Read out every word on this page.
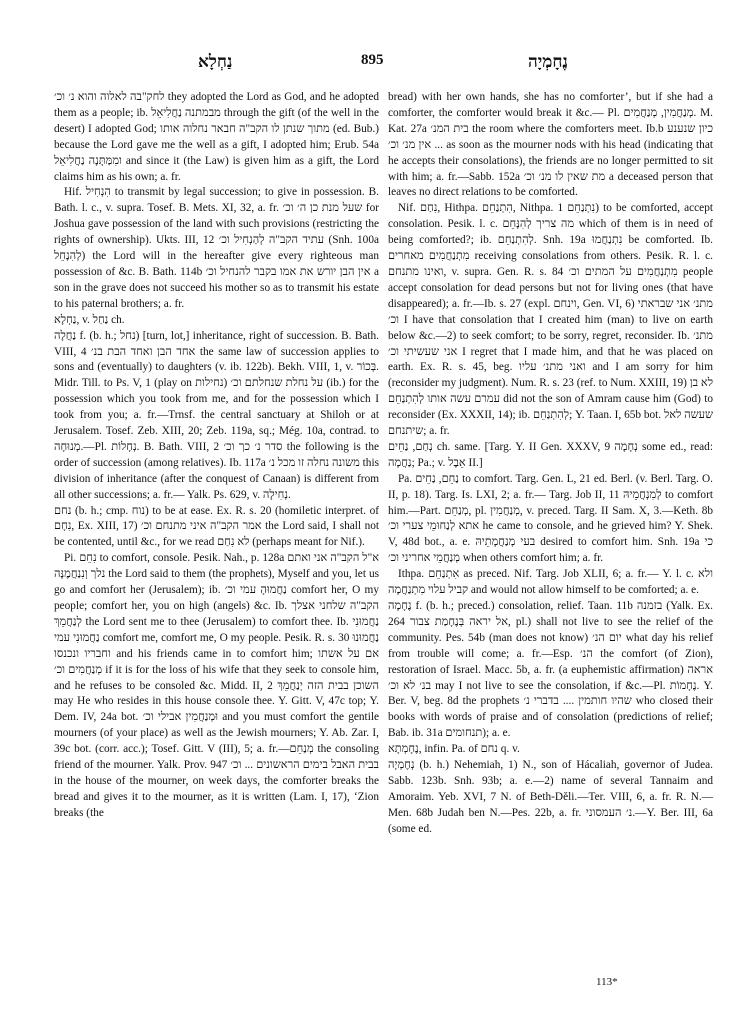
נַחְלָא	895	נֶחָמְיָה

לחק"בה לאלוה והוא נ׳ וכ׳ they adopted the Lord as God, and he adopted them as a people; ib. מבמתנה נַחֲלִיאֵל through the gift (of the well in the desert) I adopted God; מתוך שנתן לו הקב"ה חבאר נחלוה אותו (ed. Bub.) because the Lord gave me the well as a gift, I adopted him; Erub. 54a ומִמַּתָּנָה נַחֲלִיאֵל and since it (the Law) is given him as a gift, the Lord claims him as his own; a. fr.

Hif. הִנְחִיל to transmit by legal succession; to give in possession. B. Bath. l. c., v. supra. Tosef. B. Mets. XI, 32, a. fr. שעל מנת כן ה׳ וכ׳ for Joshua gave possession of the land with such provisions (restricting the rights of ownership). Ukts. III, 12 עתיד הקב"ה לְהַנְחִיל וכ׳ (Snh. 100a לְהִנָחֵל) the Lord will in the hereafter give every righteous man possession of &c. B. Bath. 114b אין הבן יורש את אמו בקבר להנחיל וכ׳ a son in the grave does not succeed his mother so as to transmit his estate to his paternal brothers; a. fr.

נַחְלָא, v. נַחַל ch.

נַחֲלָה f. (b. h.; נחל) [turn, lot,] inheritance, right of succession. B. Bath. VIII, 4 אחד הבן ואחד הבת בנ׳ the same law of succession applies to sons and (eventually) to daughters (v. ib. 122b). Bekh. VIII, 1, v. בְּכוֹר. Midr. Till. to Ps. V, 1 (play on נחילות) על נחלת שנחלתם וכ׳ (ib.) for the possession which you took from me, and for the possession which I took from you; a. fr.—Trnsf. the central sanctuary at Shiloh or at Jerusalem. Tosef. Zeb. XIII, 20; Zeb. 119a, sq.; Még. 10a, contrad. to מְנוּחָה.—Pl. נְחָלוֹת. B. Bath. VIII, 2 סדר נ׳ כך וכ׳ the following is the order of succession (among relatives). Ib. 117a משונה נחלה זו מכל נ׳ this division of inheritance (after the conquest of Canaan) is different from all other successions; a. fr.— Yalk. Ps. 629, v. נְחִילָה.

נחם (b. h.; cmp. נוח) to be at ease. Ex. R. s. 20 (homiletic interpret. of נִחָם, Ex. XIII, 17) אמר הקב"ה איני מתנחם וכ׳ the Lord said, I shall not be contented, until &c., for we read לא נִחַם (perhaps meant for Nif.).

Pi. נִחֵם to comfort, console. Pesik. Nah., p. 128a א"ל הקב"ה אני ואתם נלך וְנִנַחֲמֶנָּה the Lord said to them (the prophets), Myself and you, let us go and comfort her (Jerusalem); ib. נַחֲמוּהָ עמי וכ׳ comfort her, O my people; comfort her, you on high (angels) &c. Ib. הקב"ה שלחני אצלך לְנַחֲמֵךְ the Lord sent me to thee (Jerusalem) to comfort thee. Ib. נַחֲמוּנִי נַחֲמוּנִי עמי comfort me, comfort me, O my people. Pesik. R. s. 30 נַחֲמוּנוּ וחבריו ונכנסו and his friends came in to comfort him; אם על אשתו מְנַחֲמִים וכ׳ if it is for the loss of his wife that they seek to console him, and he refuses to be consoled &c. Midd. II, 2 השוכן בבית הזה יְנַחֲמֵךְ may He who resides in this house console thee. Y. Gitt. V, 47c top; Y. Dem. IV, 24a bot. וּמְנַחֲמִין אבילי וכ׳ and you must comfort the gentile mourners (of your place) as well as the Jewish mourners; Y. Ab. Zar. I, 39c bot. (corr. acc.); Tosef. Gitt. V (III), 5; a. fr.—מְנַחֵם the consoling friend of the mourner. Yalk. Prov. 947 בבית האבל בימים הראשונים ... וכ׳ in the house of the mourner, on week days, the comforter breaks the bread and gives it to the mourner, as it is written (Lam. I, 17), ‘Zion breaks (the

bread) with her own hands, she has no comforter’, but if she had a comforter, the comforter would break it &c.— Pl. מְנַחֲמִין, מְנַחֲמִים. M. Kat. 27a בית המנ׳ the room where the comforters meet. Ib.b כיון שנענע ... אין מנ׳ וכ׳ as soon as the mourner nods with his head (indicating that he accepts their consolations), the friends are no longer permitted to sit with him; a. fr.—Sabb. 152a מת שאין לו מנ׳ וכ׳ a deceased person that leaves no direct relations to be comforted.

Nif. נִחַם, Hithpa. הִתְנַחֵם, Nithpa. נִתְנַחֵם 1) to be comforted, accept consolation. Pesik. l. c. מה צריך לְהִנָּחֵם which of them is in need of being comforted?; ib. לְהִתְנַחֵם. Snh. 19a נִתְנַחֲמוּ be comforted. Ib. מִתְנַחֲמִים מאחרים receiving consolations from others. Pesik. R. l. c. ואינו מתנחם, v. supra. Gen. R. s. 84 מִתְנַחֲמִים על המתים וכ׳ people accept consolation for dead persons but not for living ones (that have disappeared); a. fr.—Ib. s. 27 (expl. וינחם, Gen. VI, 6) מתנ׳ אני שבראתי וכ׳ I have that consolation that I created him (man) to live on earth below &c.—2) to seek comfort; to be sorry, regret, reconsider. Ib. מתנ׳ אני שעשיתי וכ׳ I regret that I made him, and that he was placed on earth. Ex. R. s. 45, beg. ואני מתנ׳ עליו and I am sorry for him (reconsider my judgment). Num. R. s. 23 (ref. to Num. XXIII, 19) לא בן עמרם עשה אותו לְהִתְנַחֵם did not the son of Amram cause him (God) to reconsider (Ex. XXXII, 14); ib. לְהִתְנַחֵם; Y. Taan. I, 65b bot. שעשה לאל שיתנחם; a. fr.

נְחַם, נַחֵים ch. same. [Targ. Y. II Gen. XXXV, 9 נְחָמָה some ed., read: נַחֲמָה; Pa.; v. אֵבֶל II.]

Pa. נַחֵם, נַחֵים to comfort. Targ. Gen. L, 21 ed. Berl. (v. Berl. Targ. O. II, p. 18). Targ. Is. LXI, 2; a. fr.— Targ. Job II, 11 לְמִנְחֲמֵיהּ to comfort him.—Part. מְנַחֵם, pl. מְנַחֲמִין, v. preced. Targ. II Sam. X, 3.—Keth. 8b אתא לְנַחוּמֵי צערי וכ׳ he came to console, and he grieved him? Y. Shek. V, 48d bot., a. e. בעי מְנַחֲמָתֵיהּ desired to comfort him. Snh. 19a כי מְנַחֲמֵי אחריני וכ׳ when others comfort him; a. fr.

Ithpa. אִתְנַחֵם as preced. Nif. Targ. Job XLII, 6; a. fr.— Y. l. c. ולא קביל עלוי מִתְנַחֲמָה and would not allow himself to be comforted; a. e.

נֶחָמָה f. (b. h.; preced.) consolation, relief. Taan. 11b בזמנה (Yalk. Ex. 264 אל יראה בְּנֶחָמַת צבור, pl.) shall not live to see the relief of the community. Pes. 54b (man does not know) יום הנ׳ what day his relief from trouble will come; a. fr.—Esp. הנ׳ the comfort (of Zion), restoration of Israel. Macc. 5b, a. fr. (a euphemistic affirmation) אראה בנ׳ לא וכ׳ may I not live to see the consolation, if &c.—Pl. נֶחָמוֹת. Y. Ber. V, beg. 8d the prophets שהיו חותמין .... בדברי נ׳ who closed their books with words of praise and of consolation (predictions of relief; Bab. ib. 31a תנחומים); a. e.

נֶחָמְתָא, infin. Pa. of נחם q. v.

נְחֶמְיָה (b. h.) Nehemiah, 1) N., son of Hácaliah, governor of Judea. Sabb. 123b. Snh. 93b; a. e.—2) name of several Tannaim and Amoraim. Yeb. XVI, 7 N. of Beth-Dĕli.—Ter. VIII, 6, a. fr. R. N.—Men. 68b Judah ben N.—Pes. 22b, a. fr. נ׳ העמסוני.—Y. Ber. III, 6a (some ed.

113*
